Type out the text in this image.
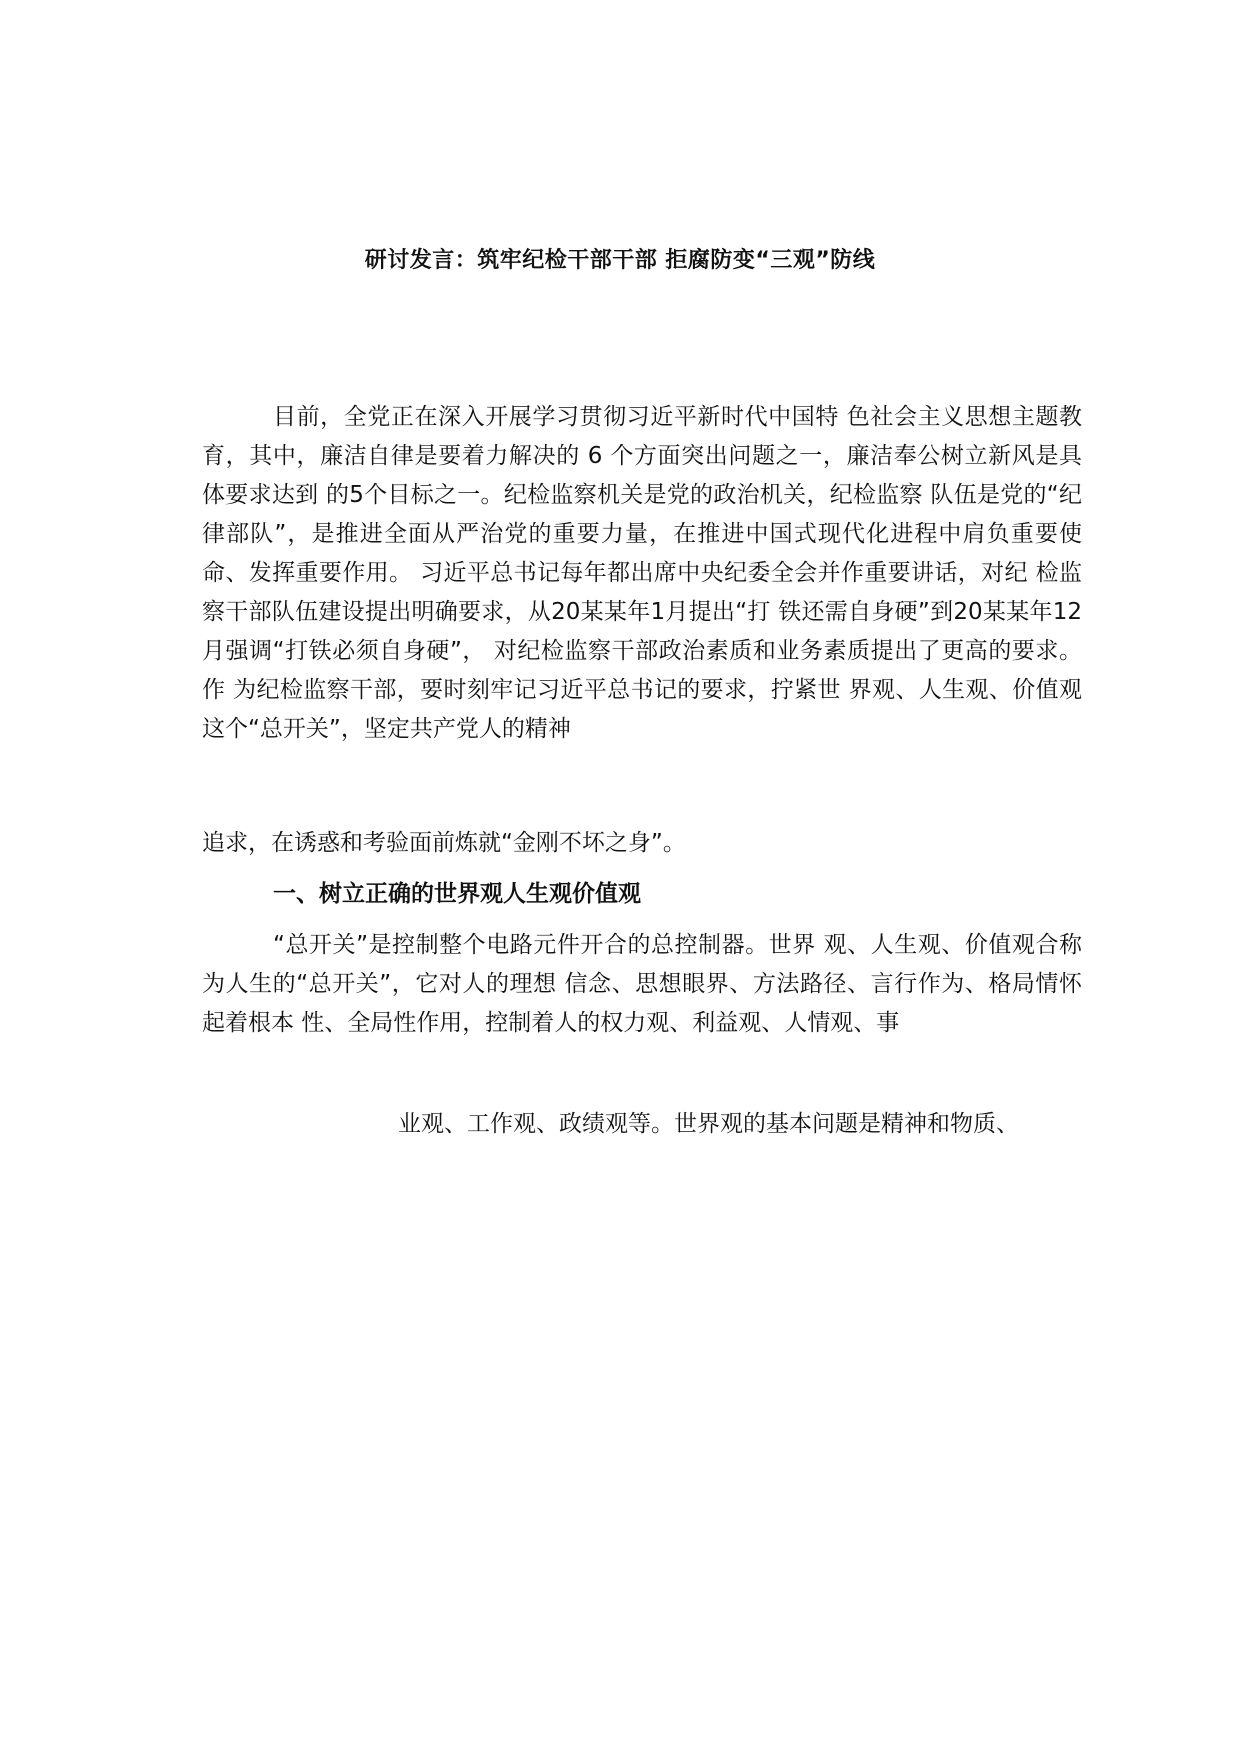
研讨发言：筑牢纪检干部干部 拒腐防变“三观”防线
目前，全党正在深入开展学习贯彻习近平新时代中国特 色社会主义思想主题教育，其中，廉洁自律是要着力解决的 6 个方面突出问题之一，廉洁奉公树立新风是具体要求达到 的5个目标之一。纪检监察机关是党的政治机关，纪检监察 队伍是党的“纪律部队”，是推进全面从严治党的重要力量，在推进中国式现代化进程中肩负重要使命、发挥重要作用。 习近平总书记每年都出席中央纪委全会并作重要讲话，对纪 检监察干部队伍建设提出明确要求，从20某某年1月提出“打 铁还需自身硬”到20某某年12月强调“打铁必须自身硬”， 对纪检监察干部政治素质和业务素质提出了更高的要求。作 为纪检监察干部，要时刻牢记习近平总书记的要求，拧紧世 界观、人生观、价值观这个“总开关”，坚定共产党人的精神
追求，在诱惑和考验面前炼就“金刚不坏之身”。
一、树立正确的世界观人生观价值观
“总开关”是控制整个电路元件开合的总控制器。世界 观、人生观、价值观合称为人生的“总开关”，它对人的理想 信念、思想眼界、方法路径、言行作为、格局情怀起着根本 性、全局性作用，控制着人的权力观、利益观、人情观、事
业观、工作观、政绩观等。世界观的基本问题是精神和物质、
